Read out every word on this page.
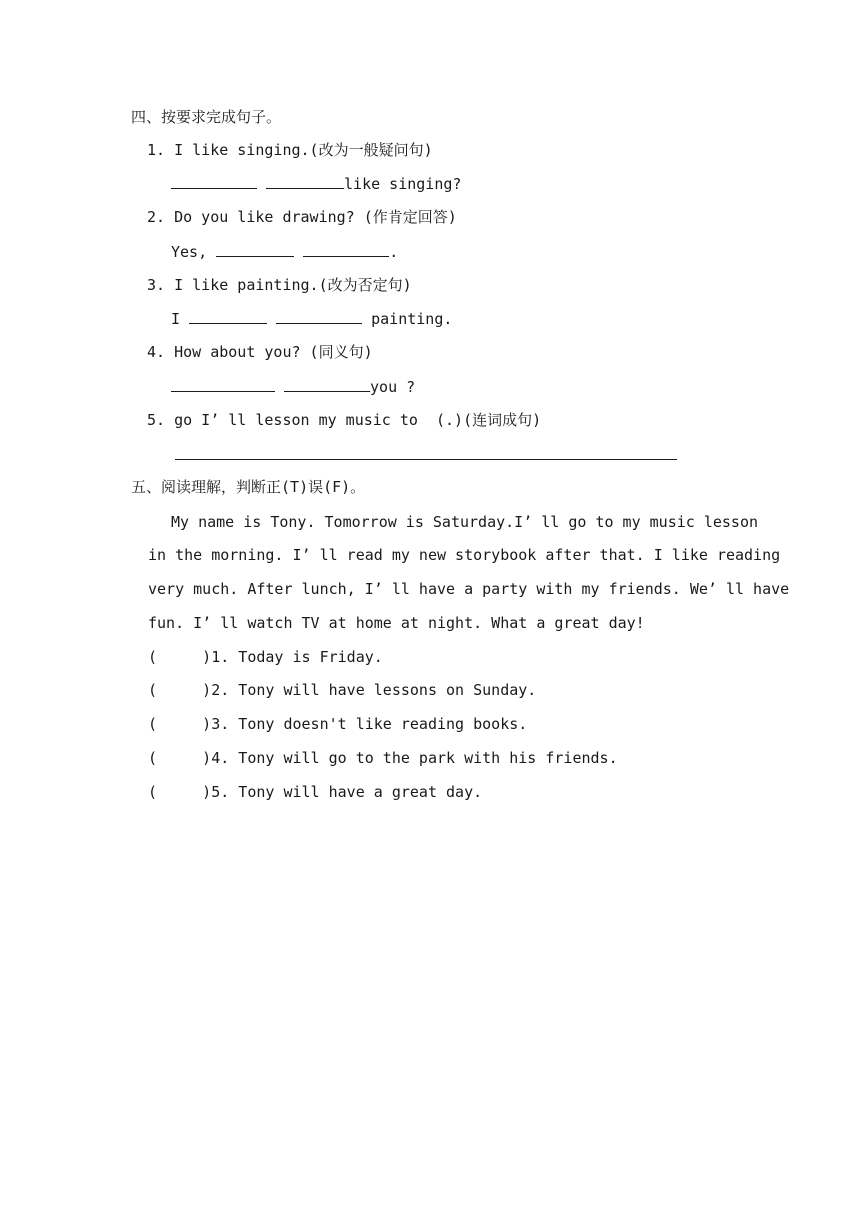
四、按要求完成句子。
1. I like singing.(改为一般疑问句)
like singing?
2. Do you like drawing? (作肯定回答)
Yes,	.
3. I like painting.(改为否定句)
I	painting.
4. How about you? (同义句)
you ?
5. go I’ ll lesson my music to  (.)(连词成句)
五、阅读理解，判断正(T)误(F)。
My name is Tony. Tomorrow is Saturday.I’ ll go to my music lesson
in the morning. I’ ll read my new storybook after that. I like reading
very much. After lunch, I’ ll have a party with my friends. We’ ll have
fun. I’ ll watch TV at home at night. What a great day!
(     )1. Today is Friday.
(     )2. Tony will have lessons on Sunday.
(     )3. Tony doesn't like reading books.
(     )4. Tony will go to the park with his friends.
(     )5. Tony will have a great day.
